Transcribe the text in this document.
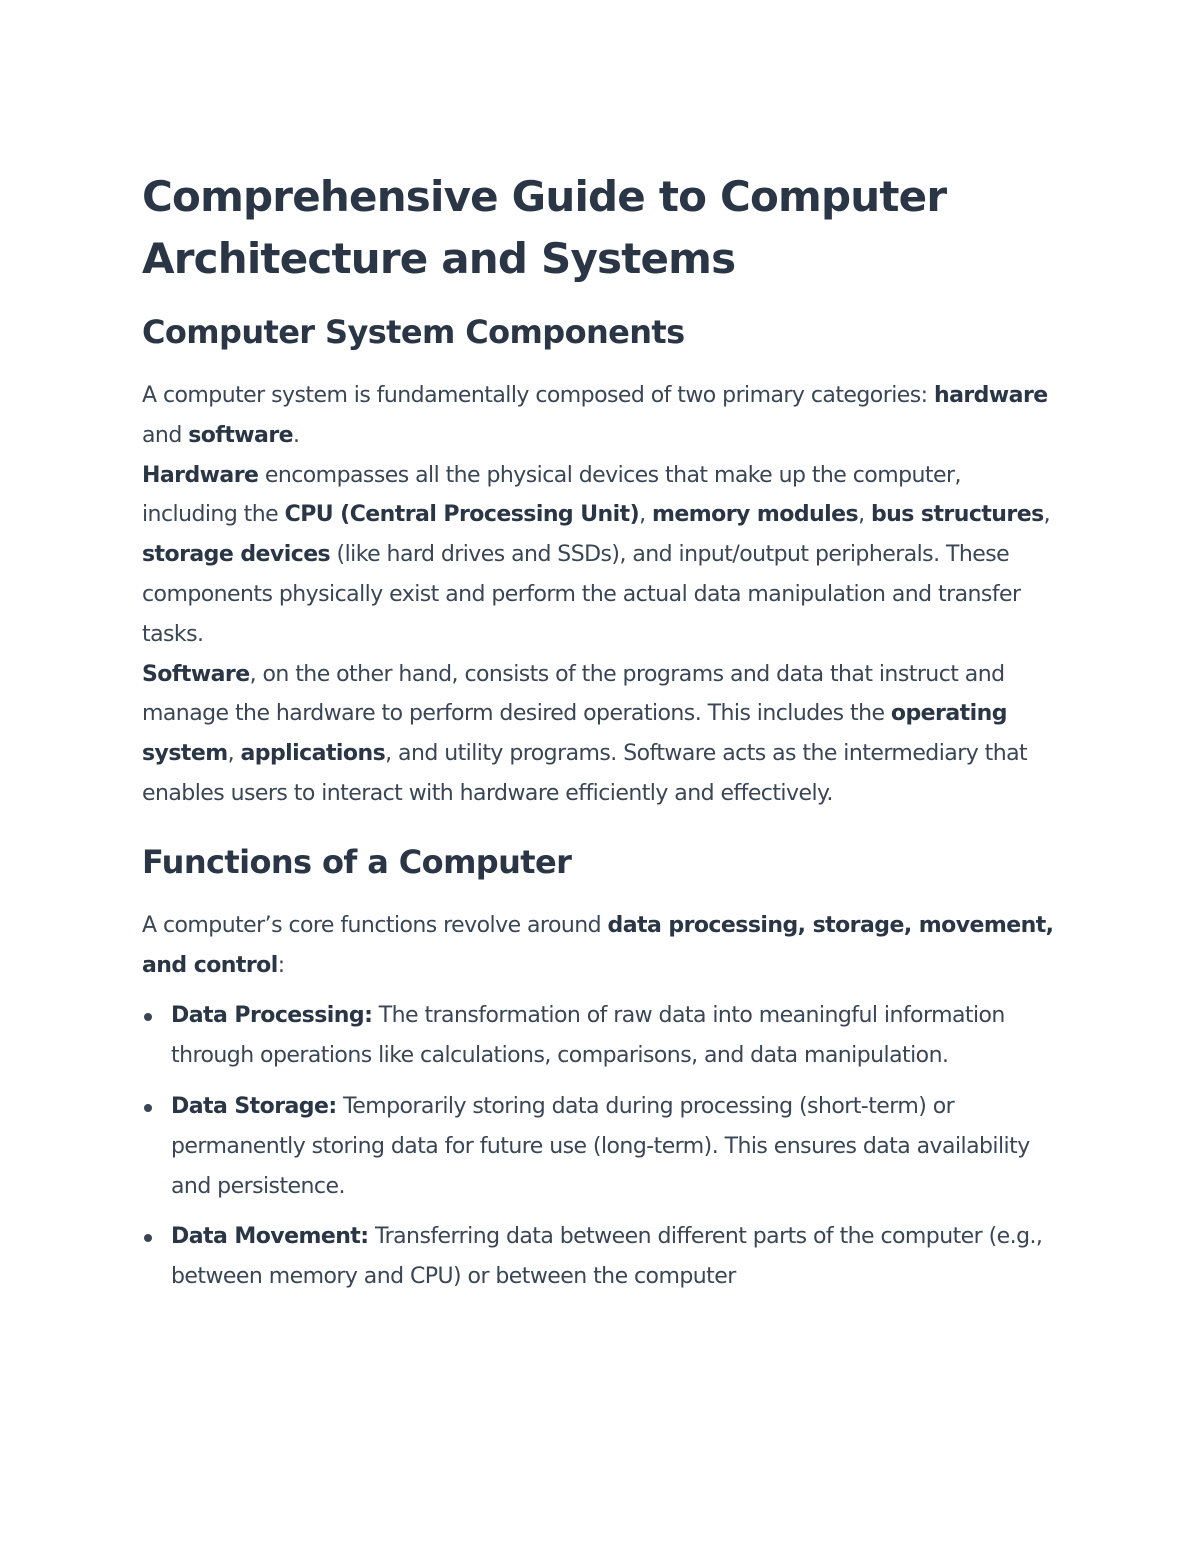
Comprehensive Guide to Computer Architecture and Systems
Computer System Components
A computer system is fundamentally composed of two primary categories: hardware and software.
Hardware encompasses all the physical devices that make up the computer, including the CPU (Central Processing Unit), memory modules, bus structures, storage devices (like hard drives and SSDs), and input/output peripherals. These components physically exist and perform the actual data manipulation and transfer tasks.
Software, on the other hand, consists of the programs and data that instruct and manage the hardware to perform desired operations. This includes the operating system, applications, and utility programs. Software acts as the intermediary that enables users to interact with hardware efficiently and effectively.
Functions of a Computer
A computer’s core functions revolve around data processing, storage, movement, and control:
Data Processing: The transformation of raw data into meaningful information through operations like calculations, comparisons, and data manipulation.
Data Storage: Temporarily storing data during processing (short-term) or permanently storing data for future use (long-term). This ensures data availability and persistence.
Data Movement: Transferring data between different parts of the computer (e.g., between memory and CPU) or between the computer
